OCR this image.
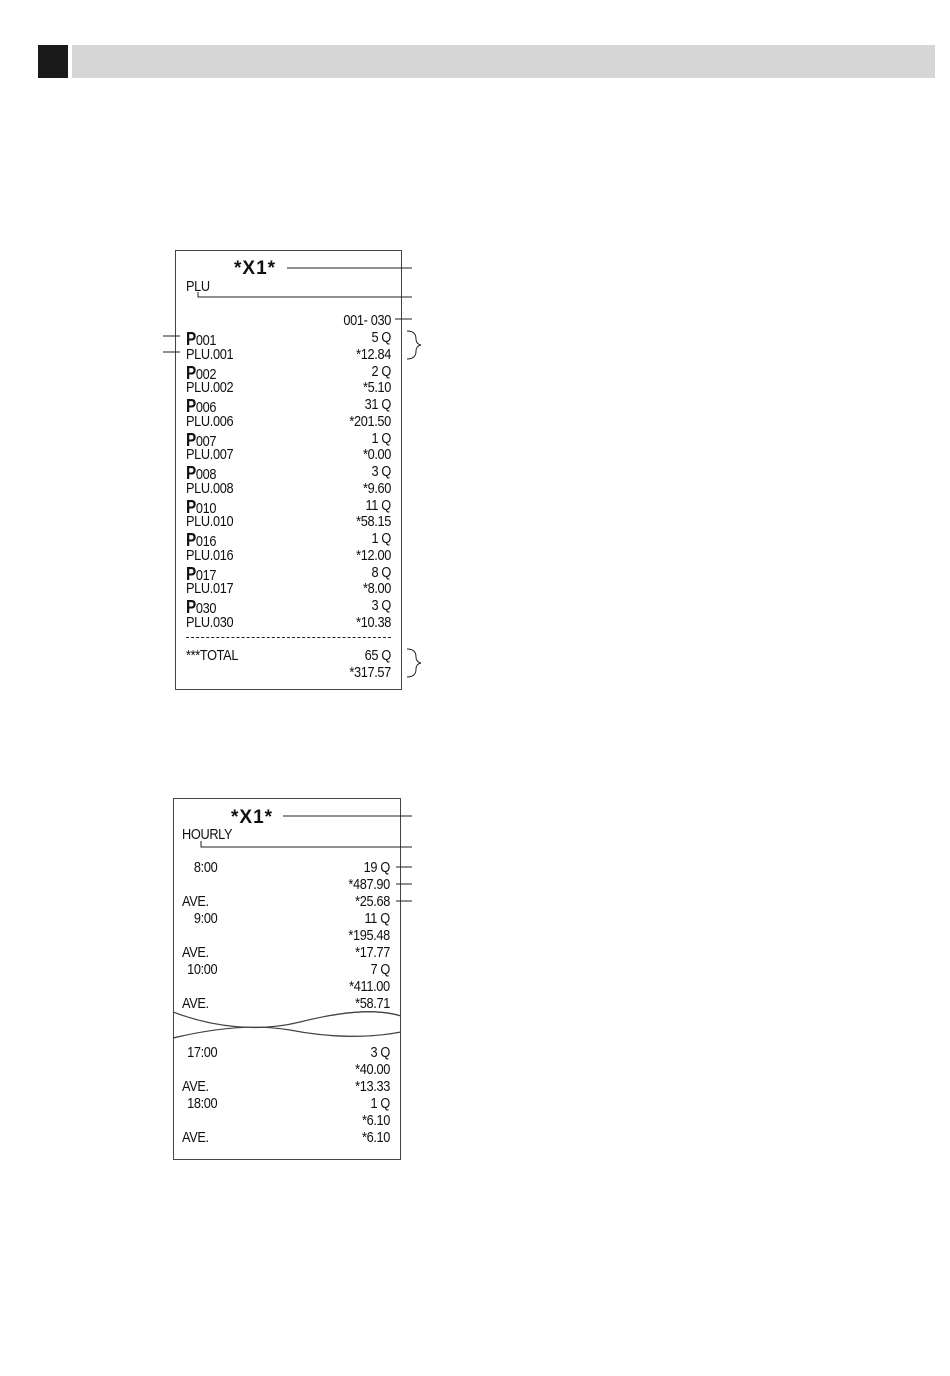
*X1*
PLU
001- 030
P001	5 Q
PLU.001	*12.84
P002	2 Q
PLU.002	*5.10
P006	31 Q
PLU.006	*201.50
P007	1 Q
PLU.007	*0.00
P008	3 Q
PLU.008	*9.60
P010	11 Q
PLU.010	*58.15
P016	1 Q
PLU.016	*12.00
P017	8 Q
PLU.017	*8.00
P030	3 Q
PLU.030	*10.38
***TOTAL	65 Q
*317.57
*X1*
HOURLY
8:00	19 Q
*487.90
AVE.	*25.68
9:00	11 Q
*195.48
AVE.	*17.77
10:00	7 Q
*411.00
AVE.	*58.71
17:00	3 Q
*40.00
AVE.	*13.33
18:00	1 Q
*6.10
AVE.	*6.10
